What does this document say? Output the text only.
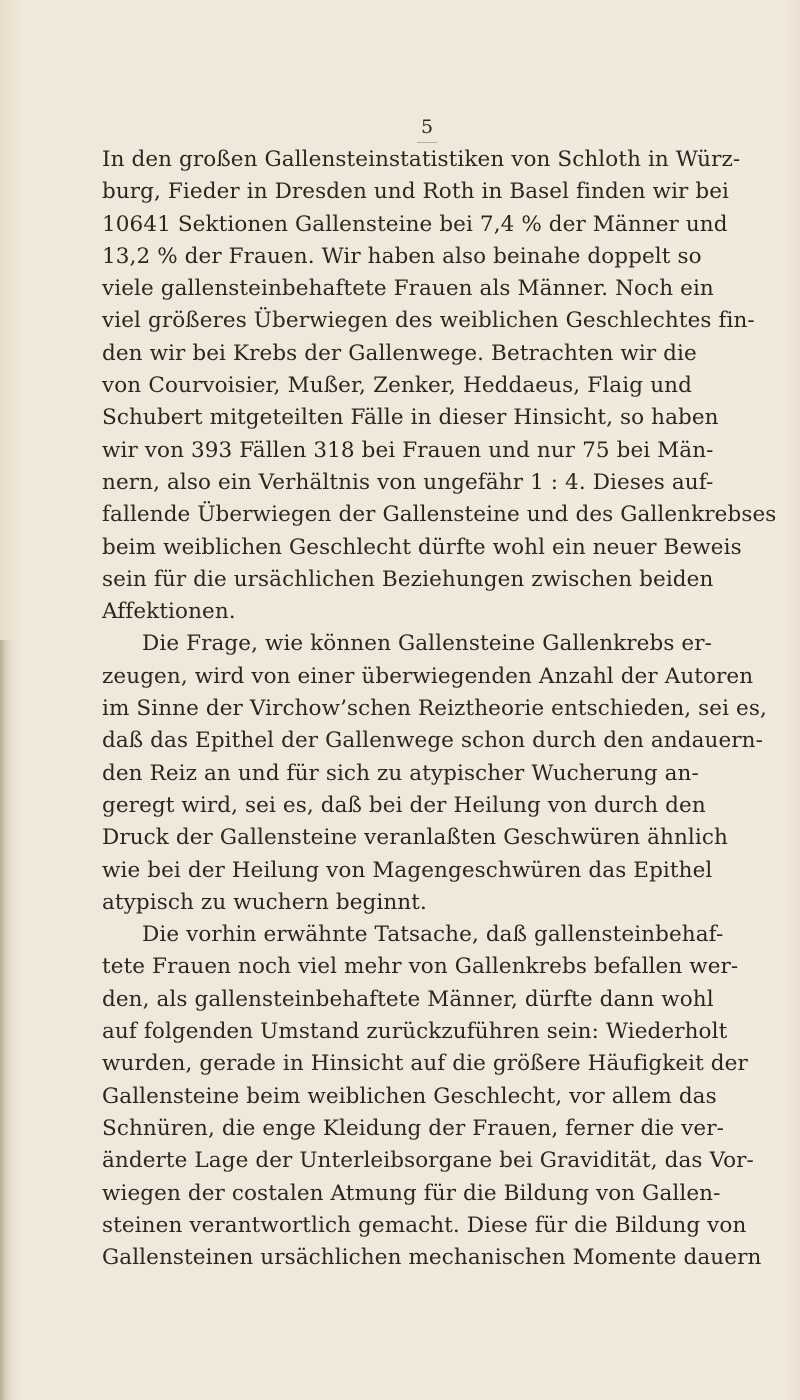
5
In den großen Gallensteinstatistiken von Schloth in Würz-
burg, Fieder in Dresden und Roth in Basel finden wir bei
10641 Sektionen Gallensteine bei 7,4 % der Männer und
13,2 % der Frauen. Wir haben also beinahe doppelt so
viele gallensteinbehaftete Frauen als Männer. Noch ein
viel größeres Überwiegen des weiblichen Geschlechtes fin-
den wir bei Krebs der Gallenwege. Betrachten wir die
von Courvoisier, Mußer, Zenker, Heddaeus, Flaig und
Schubert mitgeteilten Fälle in dieser Hinsicht, so haben
wir von 393 Fällen 318 bei Frauen und nur 75 bei Män-
nern, also ein Verhältnis von ungefähr 1 : 4. Dieses auf-
fallende Überwiegen der Gallensteine und des Gallenkrebses
beim weiblichen Geschlecht dürfte wohl ein neuer Beweis
sein für die ursächlichen Beziehungen zwischen beiden
Affektionen.
Die Frage, wie können Gallensteine Gallenkrebs er-
zeugen, wird von einer überwiegenden Anzahl der Autoren
im Sinne der Virchow’schen Reiztheorie entschieden, sei es,
daß das Epithel der Gallenwege schon durch den andauern-
den Reiz an und für sich zu atypischer Wucherung an-
geregt wird, sei es, daß bei der Heilung von durch den
Druck der Gallensteine veranlaßten Geschwüren ähnlich
wie bei der Heilung von Magengeschwüren das Epithel
atypisch zu wuchern beginnt.
Die vorhin erwähnte Tatsache, daß gallensteinbehaf-
tete Frauen noch viel mehr von Gallenkrebs befallen wer-
den, als gallensteinbehaftete Männer, dürfte dann wohl
auf folgenden Umstand zurückzuführen sein: Wiederholt
wurden, gerade in Hinsicht auf die größere Häufigkeit der
Gallensteine beim weiblichen Geschlecht, vor allem das
Schnüren, die enge Kleidung der Frauen, ferner die ver-
änderte Lage der Unterleibsorgane bei Gravidität, das Vor-
wiegen der costalen Atmung für die Bildung von Gallen-
steinen verantwortlich gemacht. Diese für die Bildung von
Gallensteinen ursächlichen mechanischen Momente dauern
